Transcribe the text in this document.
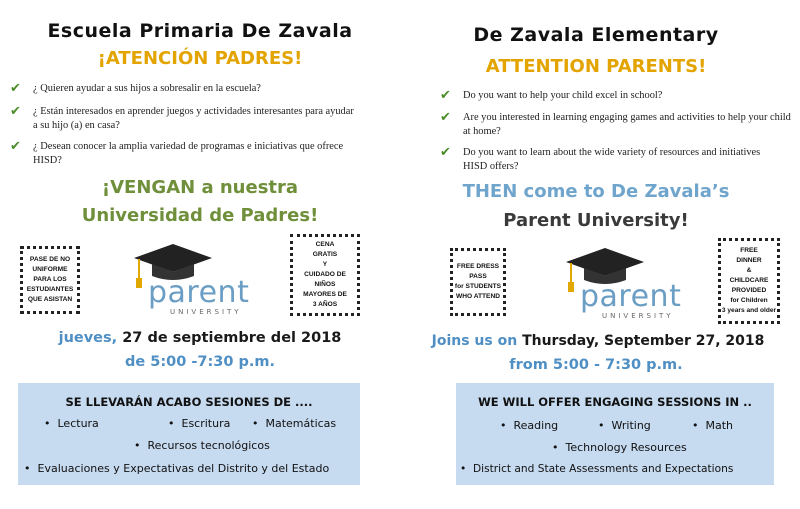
Escuela Primaria De Zavala
¡ATENCIÓN PADRES!
✔ ¿ Quieren ayudar a sus hijos a sobresalir en la escuela?
✔ ¿ Están interesados en aprender juegos y actividades interesantes para ayudar a su hijo (a) en casa?
✔ ¿ Desean conocer la amplia variedad de programas e iniciativas que ofrece HISD?
¡VENGAN a nuestra
Universidad de Padres!
PASE DE NO
UNIFORME
PARA LOS
ESTUDIANTES
QUE ASISTAN	parent
UNIVERSITY
CENA
GRATIS
Y
CUIDADO DE NIÑOS
MAYORES DE
3 AÑOS
jueves, 27 de septiembre del 2018
de 5:00 -7:30 p.m.
SE LLEVARÁN ACABO SESIONES DE ....
• Lectura	• Escritura • Matemáticas
• Recursos tecnológicos
• Evaluaciones y Expectativas del Distrito y del Estado
De Zavala Elementary
ATTENTION PARENTS!
✔ Do you want to help your child excel in school?
✔ Are you interested in learning engaging games and activities to help your child at home?
✔ Do you want to learn about the wide variety of resources and initiatives HISD offers?
THEN come to De Zavala’s
Parent University!
FREE DRESS
PASS
for STUDENTS
WHO ATTEND	parent
UNIVERSITY
FREE
DINNER
&
CHILDCARE
PROVIDED
for Children
3 years and older
Joins us on Thursday, September 27, 2018
from 5:00 - 7:30 p.m.
WE WILL OFFER ENGAGING SESSIONS IN ..
• Reading	• Writing	• Math
• Technology Resources
• District and State Assessments and Expectations
